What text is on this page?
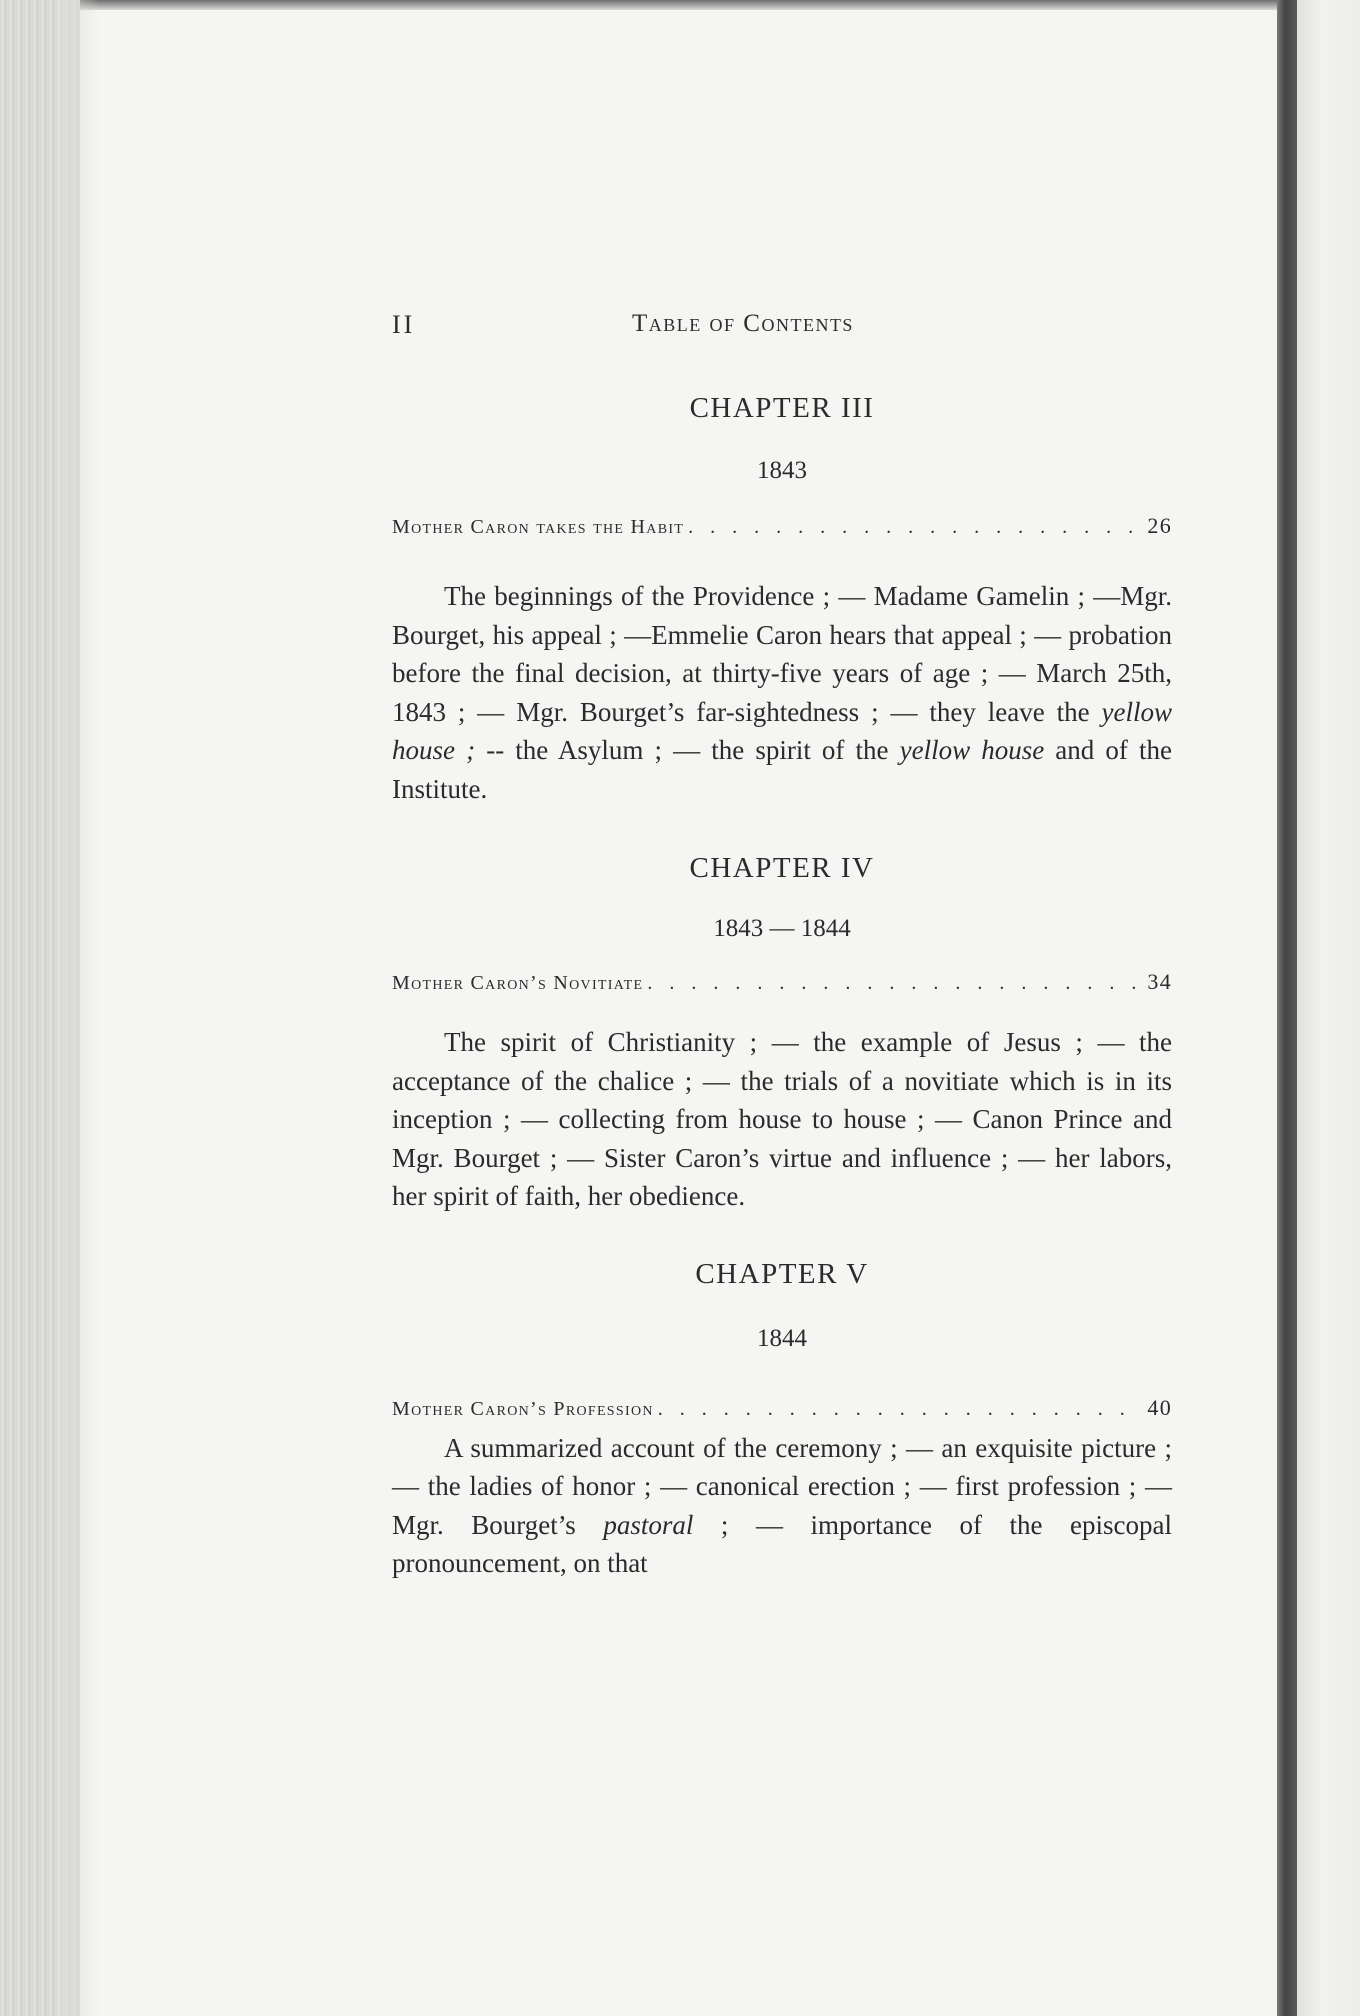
II	Table of Contents

CHAPTER III

1843

Mother Caron takes the Habit . . .	26

The beginnings of the Providence ; — Madame Gamelin ; —Mgr. Bourget, his appeal ; —Emmelie Caron hears that appeal ; — probation before the final decision, at thirty-five years of age ; — March 25th, 1843 ; — Mgr. Bourget’s far-sightedness ; — they leave the yellow house ; -- the Asylum ; — the spirit of the yellow house and of the Institute.

CHAPTER IV

1843 — 1844

Mother Caron’s Novitiate . . .	34

The spirit of Christianity ; — the example of Jesus ; — the acceptance of the chalice ; — the trials of a novitiate which is in its inception ; — collecting from house to house ; — Canon Prince and Mgr. Bourget ; — Sister Caron’s virtue and influence ; — her labors, her spirit of faith, her obedience.

CHAPTER V

1844

Mother Caron’s Profession . . .	40

A summarized account of the ceremony ; — an exquisite picture ; — the ladies of honor ; — canonical erection ; — first profession ; — Mgr. Bourget’s pastoral ; — importance of the episcopal pronouncement, on that
